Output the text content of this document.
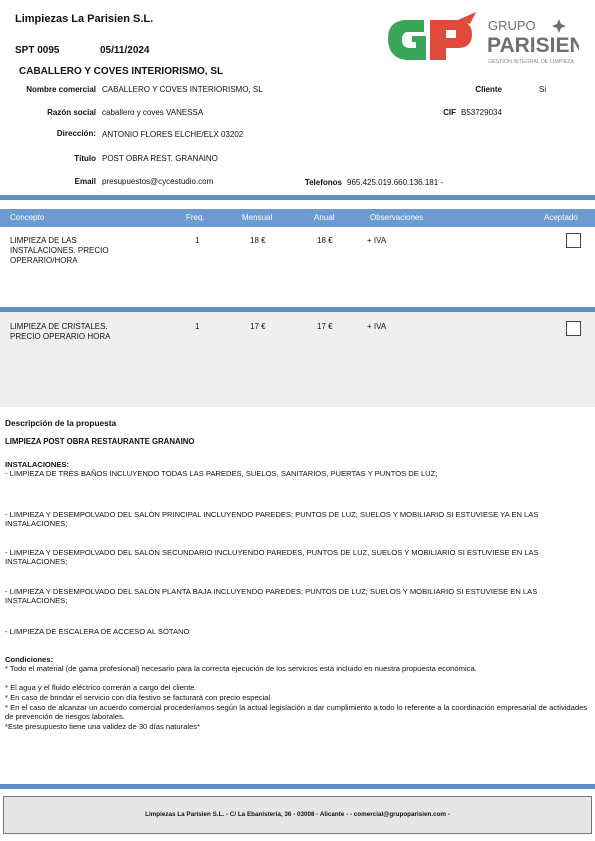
Limpiezas La Parisien S.L.
SPT 0095	05/11/2024
CABALLERO Y COVES INTERIORISMO, SL
GRUPO
PARISIEN
GESTIÓN INTEGRAL DE LIMPIEZA
Nombre comercial CABALLERO Y COVES INTERIORISMO, SL	Cliente	Si
Razón social caballero y coves VANESSA	CIF B53729034
Dirección: ANTONIO FLORES ELCHE/ELX 03202
Título POST OBRA REST. GRANAINO
Email presupuestos@cycestudio.com	Telefonos 965.425.019.660.136.181 -
Concepto	Freq.	Mensual	Anual	Observaciones	Aceptado
LIMPIEZA DE LAS
INSTALACIONES. PRECIO
OPERARIO/HORA
1	18 €	18 €	+ IVA
LIMPIEZA DE CRISTALES.
PRECIO OPERARIO HORA
1	17 €	17 €	+ IVA
Descripción de la propuesta
LIMPIEZA POST OBRA RESTAURANTE GRANAINO
INSTALACIONES:
- LIMPIEZA DE TRES BAÑOS INCLUYENDO TODAS LAS PAREDES, SUELOS, SANITARIOS, PUERTAS Y PUNTOS DE LUZ;
- LIMPIEZA Y DESEMPOLVADO DEL SALÓN PRINCIPAL INCLUYENDO PAREDES; PUNTOS DE LUZ; SUELOS Y MOBILIARIO SI ESTUVIESE YA EN LAS INSTALACIONES;
- LIMPIEZA Y DESEMPOLVADO DEL SALÓN SECUNDARIO INCLUYENDO PAREDES, PUNTOS DE LUZ, SUELOS Y MOBILIARIO SI ESTUVIESE EN LAS INSTALACIONES;
- LIMPIEZA Y DESEMPOLVADO DEL SALÓN PLANTA BAJA INCLUYENDO PAREDES; PUNTOS DE LUZ; SUELOS Y MOBILIARIO SI ESTUVIESE EN LAS INSTALACIONES;
- LIMPIEZA DE ESCALERA DE ACCESO AL SÓTANO
Condiciones:
* Todo el material (de gama profesional) necesario para la correcta ejecución de los servicios está incluido en nuestra propuesta económica.
* El agua y el fluido eléctrico correrán a cargo del cliente.
* En caso de brindar el servicio con día festivo se facturará con precio especial
* En el caso de alcanzar un acuerdo comercial procederíamos según la actual legislación a dar cumplimiento a todo lo referente a la coordinación empresarial de actividades de prevención de riesgos laborales.
*Este presupuesto tiene una validez de 30 días naturales*
Limpiezas La Parisien S.L. - C/ La Ebanistería, 36 - 03008 - Alicante - - comercial@grupoparisien.com -
